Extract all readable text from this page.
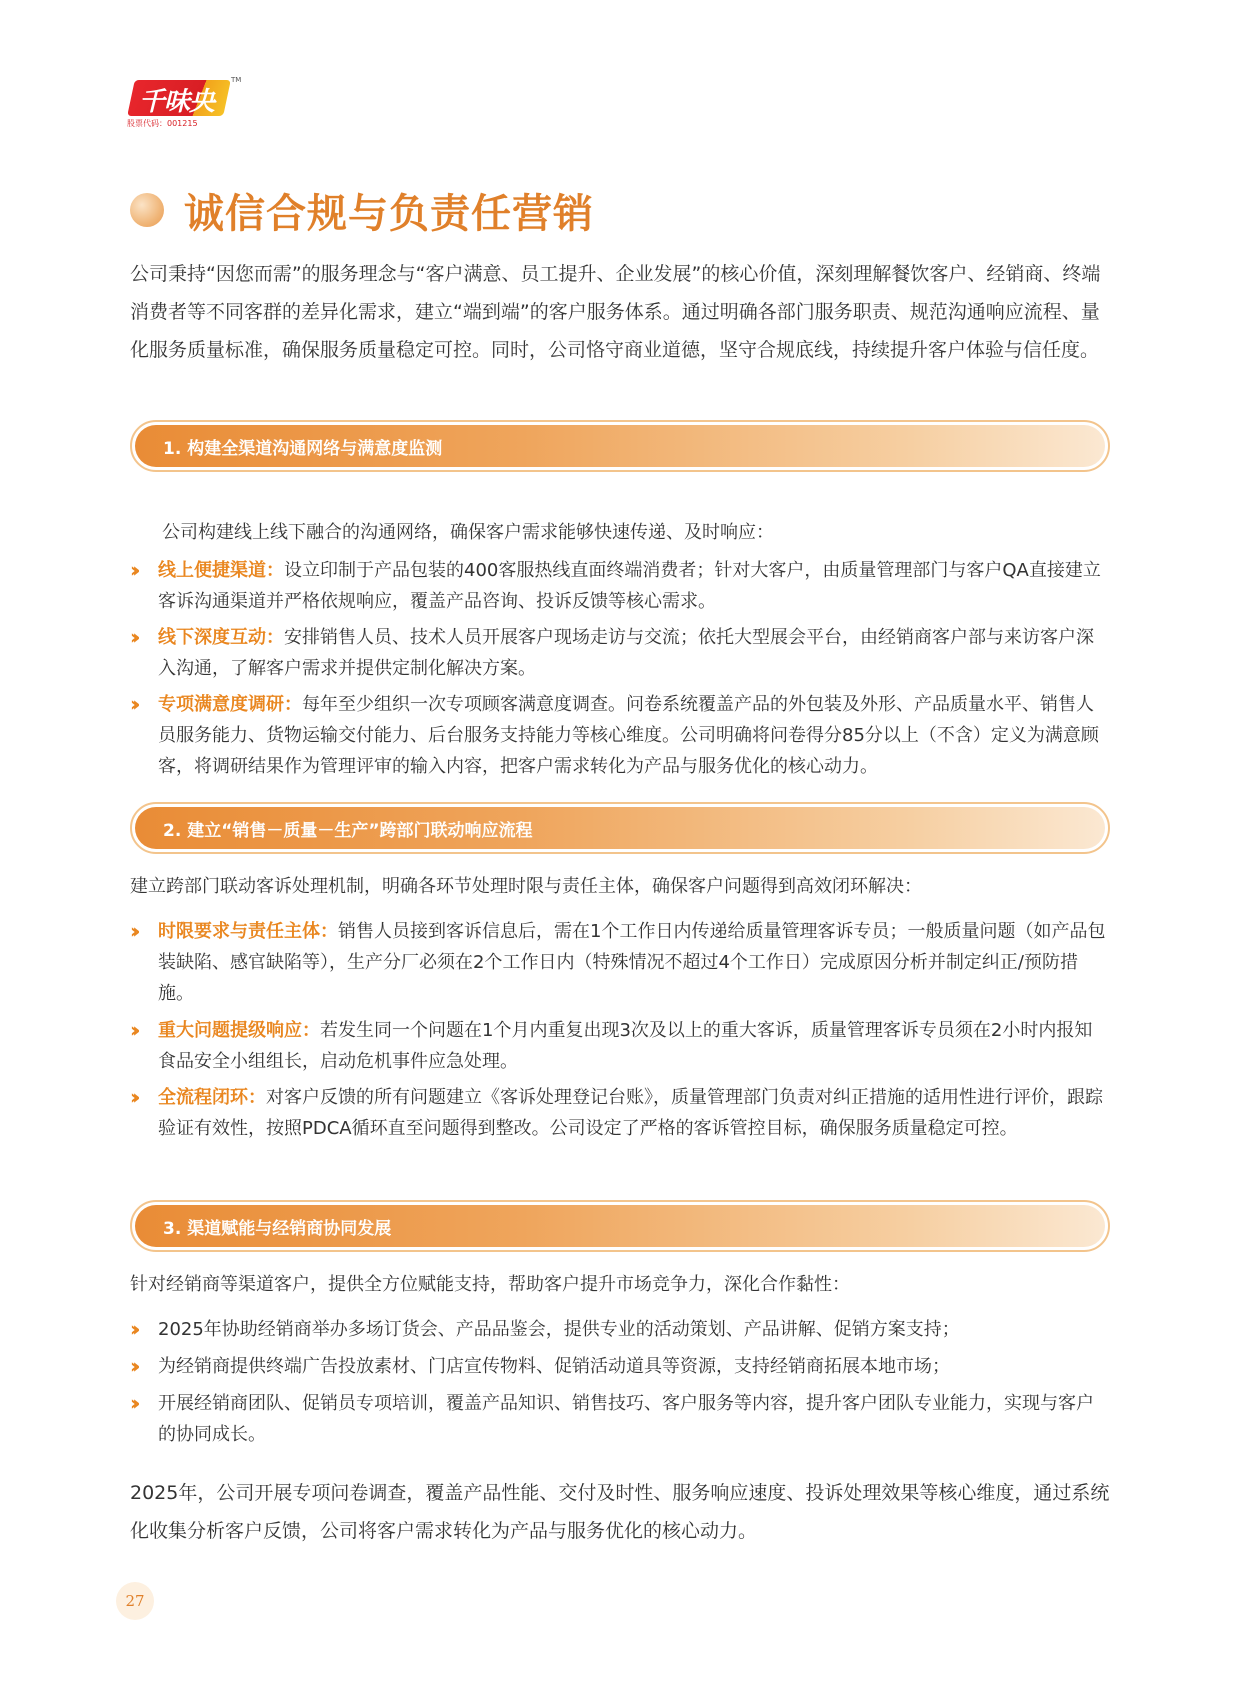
千味央厨
股票代码：001215
TM
诚信合规与负责任营销

公司秉持“因您而需”的服务理念与“客户满意、员工提升、企业发展”的核心价值，深刻理解餐饮客户、经销商、终端消费者等不同客群的差异化需求，建立“端到端”的客户服务体系。通过明确各部门服务职责、规范沟通响应流程、量化服务质量标准，确保服务质量稳定可控。同时，公司恪守商业道德，坚守合规底线，持续提升客户体验与信任度。

1. 构建全渠道沟通网络与满意度监测

公司构建线上线下融合的沟通网络，确保客户需求能够快速传递、及时响应：

››	线上便捷渠道：设立印制于产品包装的400客服热线直面终端消费者；针对大客户，由质量管理部门与客户QA直接建立客诉沟通渠道并严格依规响应，覆盖产品咨询、投诉反馈等核心需求。

››	线下深度互动：安排销售人员、技术人员开展客户现场走访与交流；依托大型展会平台，由经销商客户部与来访客户深入沟通，了解客户需求并提供定制化解决方案。

››	专项满意度调研：每年至少组织一次专项顾客满意度调查。问卷系统覆盖产品的外包装及外形、产品质量水平、销售人员服务能力、货物运输交付能力、后台服务支持能力等核心维度。公司明确将问卷得分85分以上（不含）定义为满意顾客，将调研结果作为管理评审的输入内容，把客户需求转化为产品与服务优化的核心动力。

2. 建立“销售－质量－生产”跨部门联动响应流程

建立跨部门联动客诉处理机制，明确各环节处理时限与责任主体，确保客户问题得到高效闭环解决：

››	时限要求与责任主体：销售人员接到客诉信息后，需在1个工作日内传递给质量管理客诉专员；一般质量问题（如产品包装缺陷、感官缺陷等），生产分厂必须在2个工作日内（特殊情况不超过4个工作日）完成原因分析并制定纠正/预防措施。

››	重大问题提级响应：若发生同一个问题在1个月内重复出现3次及以上的重大客诉，质量管理客诉专员须在2小时内报知食品安全小组组长，启动危机事件应急处理。

››	全流程闭环：对客户反馈的所有问题建立《客诉处理登记台账》，质量管理部门负责对纠正措施的适用性进行评价，跟踪验证有效性，按照PDCA循环直至问题得到整改。公司设定了严格的客诉管控目标，确保服务质量稳定可控。

3. 渠道赋能与经销商协同发展

针对经销商等渠道客户，提供全方位赋能支持，帮助客户提升市场竞争力，深化合作黏性：

››	2025年协助经销商举办多场订货会、产品品鉴会，提供专业的活动策划、产品讲解、促销方案支持；

››	为经销商提供终端广告投放素材、门店宣传物料、促销活动道具等资源，支持经销商拓展本地市场；

››	开展经销商团队、促销员专项培训，覆盖产品知识、销售技巧、客户服务等内容，提升客户团队专业能力，实现与客户的协同成长。

2025年，公司开展专项问卷调查，覆盖产品性能、交付及时性、服务响应速度、投诉处理效果等核心维度，通过系统化收集分析客户反馈，公司将客户需求转化为产品与服务优化的核心动力。

27
